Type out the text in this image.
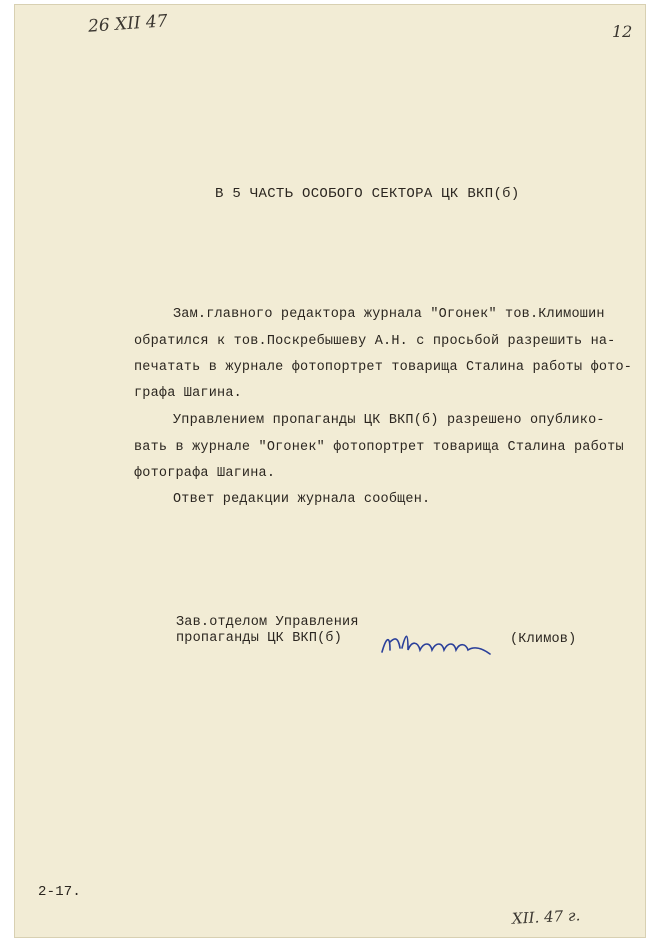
26 XII 47	12
В 5 ЧАСТЬ ОСОБОГО СЕКТОРА ЦК ВКП(б)
Зам.главного редактора журнала "Огонек" тов.Климошин
обратился к тов.Поскребышеву А.Н. с просьбой разрешить на-
печатать в журнале фотопортрет товарища Сталина работы фото-
графа Шагина.
Управлением пропаганды ЦК ВКП(б) разрешено опублико-
вать в журнале "Огонек" фотопортрет товарища Сталина работы
фотографа Шагина.
Ответ редакции журнала сообщен.
Зав.отделом Управления
пропаганды ЦК ВКП(б)	(Климов)
2-17.
XII. 47 г.
